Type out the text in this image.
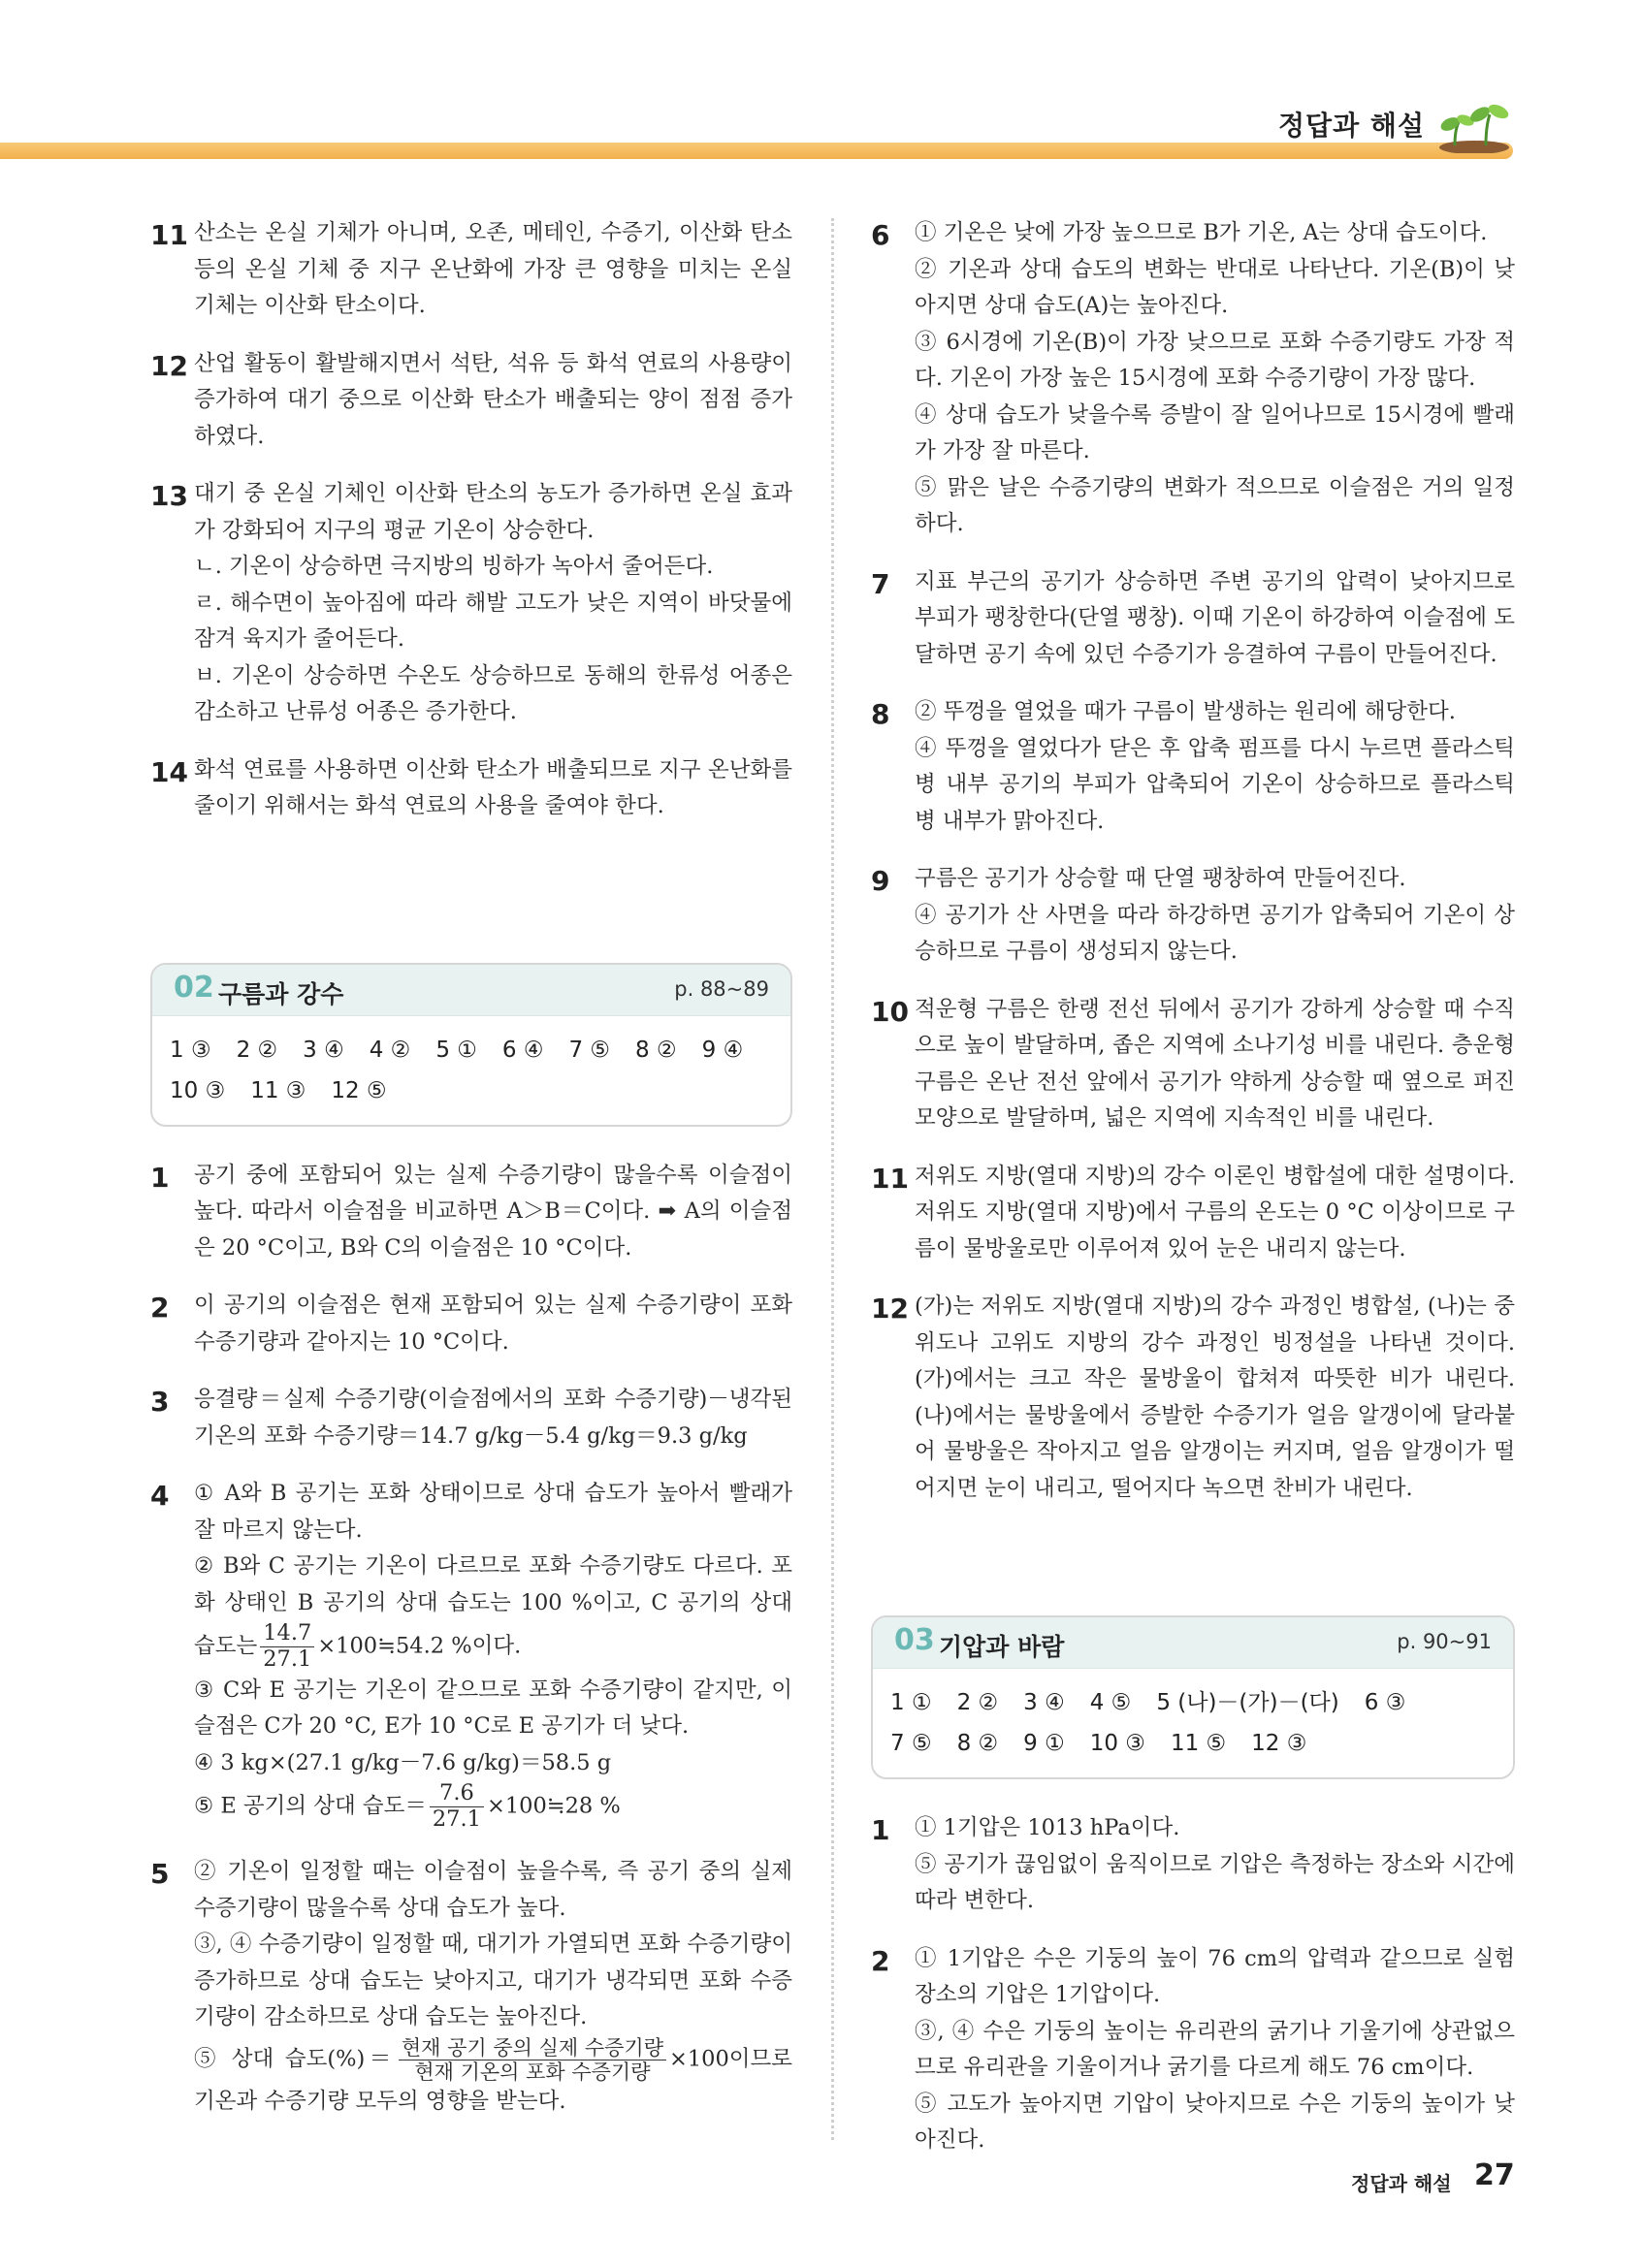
정답과 해설
11 산소는 온실 기체가 아니며, 오존, 메테인, 수증기, 이산화 탄소 등의 온실 기체 중 지구 온난화에 가장 큰 영향을 미치는 온실 기체는 이산화 탄소이다.

12 산업 활동이 활발해지면서 석탄, 석유 등 화석 연료의 사용량이 증가하여 대기 중으로 이산화 탄소가 배출되는 양이 점점 증가하였다.

13 대기 중 온실 기체인 이산화 탄소의 농도가 증가하면 온실 효과가 강화되어 지구의 평균 기온이 상승한다.

ㄴ. 기온이 상승하면 극지방의 빙하가 녹아서 줄어든다.

ㄹ. 해수면이 높아짐에 따라 해발 고도가 낮은 지역이 바닷물에 잠겨 육지가 줄어든다.

ㅂ. 기온이 상승하면 수온도 상승하므로 동해의 한류성 어종은 감소하고 난류성 어종은 증가한다.

14 화석 연료를 사용하면 이산화 탄소가 배출되므로 지구 온난화를 줄이기 위해서는 화석 연료의 사용을 줄여야 한다.

02 구름과 강수	p. 88~89
1 ③ 2 ② 3 ④ 4 ② 5 ① 6 ④ 7 ⑤ 8 ② 9 ④10 ③ 11 ③ 12 ⑤
1 공기 중에 포함되어 있는 실제 수증기량이 많을수록 이슬점이 높다. 따라서 이슬점을 비교하면 A＞B＝C이다. ➡ A의 이슬점은 20 °C이고, B와 C의 이슬점은 10 °C이다.

2 이 공기의 이슬점은 현재 포함되어 있는 실제 수증기량이 포화 수증기량과 같아지는 10 °C이다.

3 응결량＝실제 수증기량(이슬점에서의 포화 수증기량)－냉각된 기온의 포화 수증기량＝14.7 g/kg－5.4 g/kg＝9.3 g/kg

4 ① A와 B 공기는 포화 상태이므로 상대 습도가 높아서 빨래가 잘 마르지 않는다.

② B와 C 공기는 기온이 다르므로 포화 수증기량도 다르다. 포화 상태인 B 공기의 상대 습도는 100 %이고, C 공기의 상대 습도는 $\frac{14.7}{27.1}$ ×100≒54.2 %이다.

③ C와 E 공기는 기온이 같으므로 포화 수증기량이 같지만, 이슬점은 C가 20 °C, E가 10 °C로 E 공기가 더 낮다.

④ 3 kg×(27.1 g/kg－7.6 g/kg)＝58.5 g

⑤ E 공기의 상대 습도＝ $\frac{7.6}{27.1}$ ×100≒28 %

5 ② 기온이 일정할 때는 이슬점이 높을수록, 즉 공기 중의 실제 수증기량이 많을수록 상대 습도가 높다.

③, ④ 수증기량이 일정할 때, 대기가 가열되면 포화 수증기량이 증가하므로 상대 습도는 낮아지고, 대기가 냉각되면 포화 수증기량이 감소하므로 상대 습도는 높아진다.

⑤ 상대 습도(%)＝ $\frac{\text{현재 공기 중의 실제 수증기량}}{\text{현재 기온의 포화 수증기량}} \times 100$이므로 기온과 수증기량 모두의 영향을 받는다.

6 ① 기온은 낮에 가장 높으므로 B가 기온, A는 상대 습도이다.

② 기온과 상대 습도의 변화는 반대로 나타난다. 기온(B)이 낮아지면 상대 습도(A)는 높아진다.

③ 6시경에 기온(B)이 가장 낮으므로 포화 수증기량도 가장 적다. 기온이 가장 높은 15시경에 포화 수증기량이 가장 많다.

④ 상대 습도가 낮을수록 증발이 잘 일어나므로 15시경에 빨래가 가장 잘 마른다.

⑤ 맑은 날은 수증기량의 변화가 적으므로 이슬점은 거의 일정하다.

7 지표 부근의 공기가 상승하면 주변 공기의 압력이 낮아지므로 부피가 팽창한다(단열 팽창). 이때 기온이 하강하여 이슬점에 도달하면 공기 속에 있던 수증기가 응결하여 구름이 만들어진다.

8 ② 뚜껑을 열었을 때가 구름이 발생하는 원리에 해당한다.

④ 뚜껑을 열었다가 닫은 후 압축 펌프를 다시 누르면 플라스틱 병 내부 공기의 부피가 압축되어 기온이 상승하므로 플라스틱 병 내부가 맑아진다.

9 구름은 공기가 상승할 때 단열 팽창하여 만들어진다.

④ 공기가 산 사면을 따라 하강하면 공기가 압축되어 기온이 상승하므로 구름이 생성되지 않는다.

10 적운형 구름은 한랭 전선 뒤에서 공기가 강하게 상승할 때 수직으로 높이 발달하며, 좁은 지역에 소나기성 비를 내린다. 층운형 구름은 온난 전선 앞에서 공기가 약하게 상승할 때 옆으로 퍼진 모양으로 발달하며, 넓은 지역에 지속적인 비를 내린다.

11 저위도 지방(열대 지방)의 강수 이론인 병합설에 대한 설명이다. 저위도 지방(열대 지방)에서 구름의 온도는 0 °C 이상이므로 구름이 물방울로만 이루어져 있어 눈은 내리지 않는다.

12 (가)는 저위도 지방(열대 지방)의 강수 과정인 병합설, (나)는 중위도나 고위도 지방의 강수 과정인 빙정설을 나타낸 것이다. (가)에서는 크고 작은 물방울이 합쳐져 따뜻한 비가 내린다. (나)에서는 물방울에서 증발한 수증기가 얼음 알갱이에 달라붙어 물방울은 작아지고 얼음 알갱이는 커지며, 얼음 알갱이가 떨어지면 눈이 내리고, 떨어지다 녹으면 찬비가 내린다.

03 기압과 바람	p. 90~91
1 ① 2 ② 3 ④ 4 ⑤ 5 (나)－(가)－(다) 6 ③7 ⑤ 8 ② 9 ① 10 ③ 11 ⑤ 12 ③
1 ① 1기압은 1013 hPa이다.

⑤ 공기가 끊임없이 움직이므로 기압은 측정하는 장소와 시간에 따라 변한다.

2 ① 1기압은 수은 기둥의 높이 76 cm의 압력과 같으므로 실험 장소의 기압은 1기압이다.

③, ④ 수은 기둥의 높이는 유리관의 굵기나 기울기에 상관없으므로 유리관을 기울이거나 굵기를 다르게 해도 76 cm이다.

⑤ 고도가 높아지면 기압이 낮아지므로 수은 기둥의 높이가 낮아진다.

정답과 해설 27
